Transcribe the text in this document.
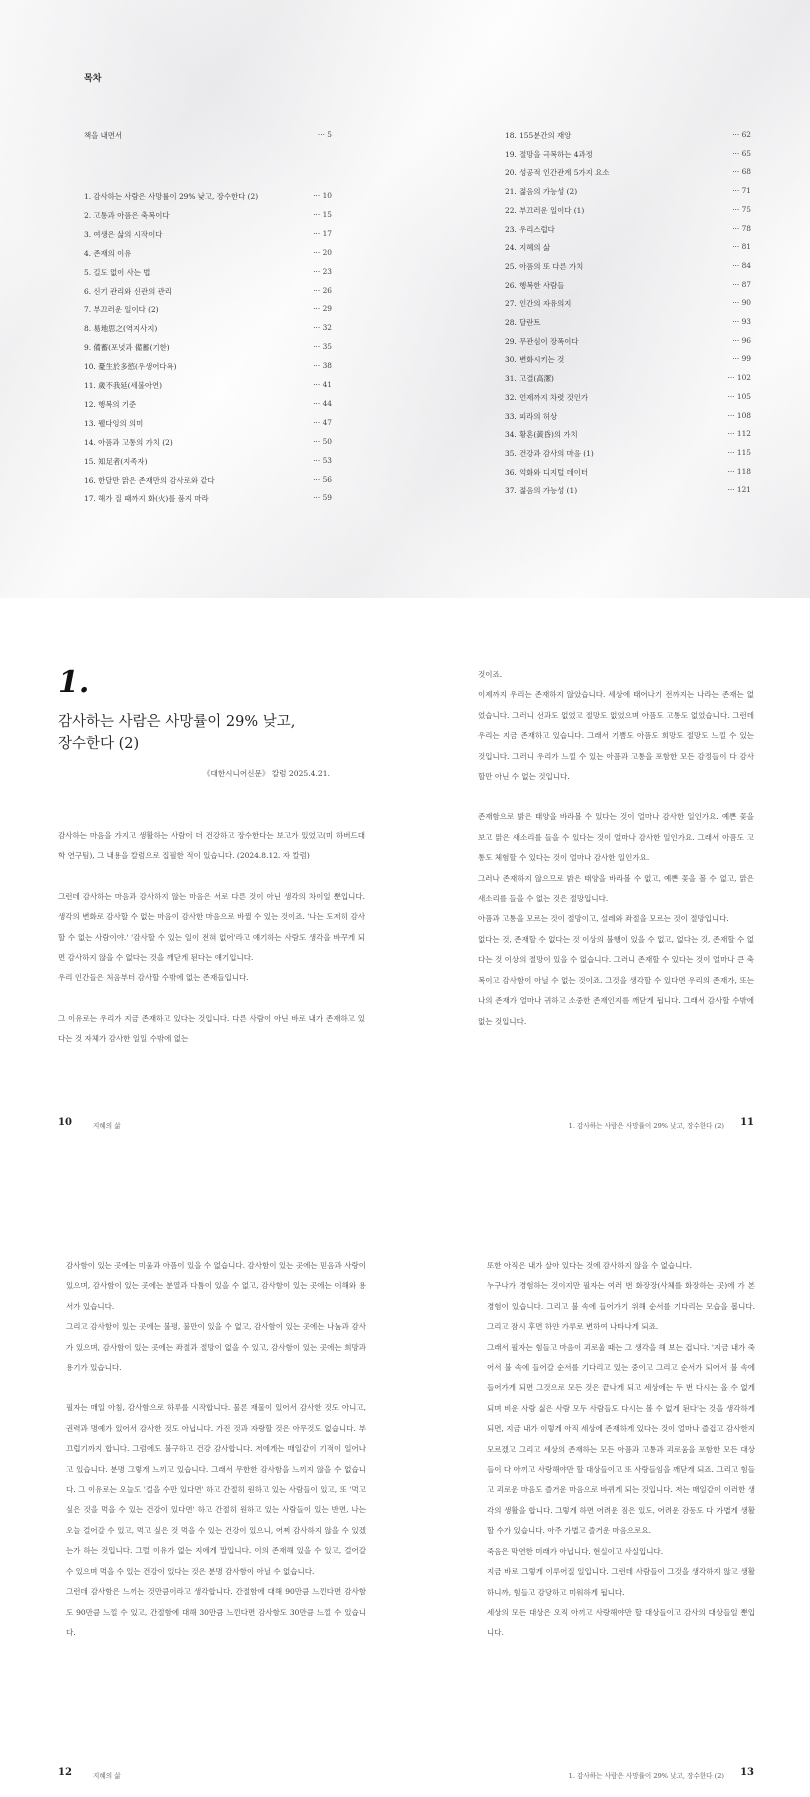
목차
책을 내면서	··· 5
1. 감사하는 사람은 사망률이 29% 낮고, 장수한다 (2)	··· 10
2. 고통과 아픔은 축복이다	··· 15
3. 여생은 삶의 시작이다	··· 17
4. 존재의 이유	··· 20
5. 길도 없이 사는 법	··· 23
6. 신기 관리와 신관의 관리	··· 26
7. 부끄러운 일이다 (2)	··· 29
8. 易地思之(역지사지)	··· 32
9. 備蓄(포넛과 備蓄(기한)	··· 35
10. 憂生於多慾(우생어다욕)	··· 38
11. 歲不我延(세불아연)	··· 41
12. 행복의 기준	··· 44
13. 웰다잉의 의미	··· 47
14. 아픔과 고통의 가치 (2)	··· 50
15. 知足者(지족자)	··· 53
16. 한달만 맑은 존재만의 감사로와 같다	··· 56
17. 해가 질 때까지 화(火)를 품지 마라	··· 59
18. 155분간의 재앙	··· 62
19. 절망을 극복하는 4과정	··· 65
20. 성공적 인간관계 5가지 요소	··· 68
21. 젊음의 가능성 (2)	··· 71
22. 부끄러운 일이다 (1)	··· 75
23. 우리스럽다	··· 78
24. 지혜의 삶	··· 81
25. 아픔의 또 다른 가치	··· 84
26. 행복한 사람들	··· 87
27. 인간의 자유의지	··· 90
28. 달란트	··· 93
29. 무관심이 장폭이다	··· 96
30. 변화시키는 것	··· 99
31. 고결(高潔)	··· 102
32. 언제까지 차렷 것인가	··· 105
33. 피라의 허상	··· 108
34. 황혼(黃昏)의 가치	··· 112
35. 건강과 감사의 마음 (1)	··· 115
36. 억화와 디지털 데이터	··· 118
37. 젊음의 가능성 (1)	··· 121
1.
감사하는 사람은 사망률이 29% 낮고,
장수한다 (2)
《대한시니어신문》 칼럼 2025.4.21.

감사하는 마음을 가지고 생활하는 사람이 더 건강하고 장수한다는 보고가 있었고(미 하버드대학 연구팀), 그 내용을 칼럼으로 집필한 적이 있습니다. (2024.8.12. 자 칼럼)

그런데 감사하는 마음과 감사하지 않는 마음은 서로 다른 것이 아닌 생각의 차이일 뿐입니다. 생각의 변화로 감사할 수 없는 마음이 감사한 마음으로 바뀔 수 있는 것이죠. '나는 도저히 감사할 수 없는 사람이야.' '감사할 수 있는 일이 전혀 없어'라고 얘기하는 사람도 생각을 바꾸게 되면 감사하지 않을 수 없다는 것을 깨닫게 된다는 얘기입니다.

우리 인간들은 처음부터 감사할 수밖에 없는 존재들입니다.

그 이유로는 우리가 지금 존재하고 있다는 것입니다. 다른 사람이 아닌 바로 내가 존재하고 있다는 것 자체가 감사한 일일 수밖에 없는

것이죠.

이제까지 우리는 존재하지 않았습니다. 세상에 태어나기 전까지는 나라는 존재는 없었습니다. 그러니 선과도 없었고 절망도 없었으며 아픔도 고통도 없었습니다. 그런데 우리는 지금 존재하고 있습니다. 그래서 기쁨도 아픔도 희망도 절망도 느낄 수 있는 것입니다. 그러니 우리가 느낄 수 있는 아픔과 고통을 포함한 모든 감정들이 다 감사할만 아닌 수 없는 것입니다.

존재함으로 밝은 태양을 바라볼 수 있다는 것이 얼마나 감사한 일인가요. 예쁜 꽃을 보고 맑은 새소리를 들을 수 있다는 것이 얼마나 감사한 일인가요. 그래서 아픔도 고통도 체험할 수 있다는 것이 얼마나 감사한 일인가요.

그러나 존재하지 않으므로 밝은 태양을 바라볼 수 없고, 예쁜 꽃을 볼 수 없고, 맑은 새소리를 들을 수 없는 것은 절망입니다.

아픔과 고통을 모르는 것이 절망이고, 설레와 좌절을 모르는 것이 절망입니다.

없다는 것, 존재할 수 없다는 것 이상의 불행이 있을 수 없고, 없다는 것, 존재할 수 없다는 것 이상의 절망이 있을 수 없습니다. 그러니 존재할 수 있다는 것이 얼마나 큰 축복이고 감사함이 아닐 수 없는 것이죠. 그것을 생각할 수 있다면 우리의 존재가, 또는 나의 존재가 얼마나 귀하고 소중한 존재인지를 깨닫게 됩니다. 그래서 감사할 수밖에 없는 것입니다.

10	지혜의 삶	1. 감사하는 사람은 사망률이 29% 낮고, 장수한다 (2) 11

감사함이 있는 곳에는 미움과 아픔이 있을 수 없습니다. 감사함이 있는 곳에는 믿음과 사랑이 있으며, 감사함이 있는 곳에는 분열과 다툼이 있을 수 없고, 감사함이 있는 곳에는 이해와 용서가 있습니다.

그리고 감사함이 있는 곳에는 불평, 불만이 있을 수 없고, 감사함이 있는 곳에는 나눔과 감사가 있으며, 감사함이 있는 곳에는 좌절과 절망이 없을 수 있고, 감사함이 있는 곳에는 희망과 용기가 있습니다.

필자는 매일 아침, 감사함으로 하루를 시작합니다. 물론 재물이 있어서 감사한 것도 아니고, 권력과 명예가 있어서 감사한 것도 아닙니다. 가진 것과 자랑할 것은 아무것도 없습니다. 부끄럽기까지 합니다. 그럼에도 불구하고 건강 감사합니다. 저에게는 매일같이 기적이 일어나고 있습니다. 분명 그렇게 느끼고 있습니다. 그래서 무한한 감사함을 느끼지 않을 수 없습니다. 그 이유로는 오늘도 '걸을 수만 있다면' 하고 간절히 원하고 있는 사람들이 있고, 또 '먹고 싶은 것을 먹을 수 있는 건강이 있다면' 하고 간절히 원하고 있는 사람들이 있는 반면, 나는 오늘 걸어갈 수 있고, 먹고 싶은 것 먹을 수 있는 건강이 있으니, 어찌 감사하지 않을 수 있겠는가 하는 것입니다. 그럴 이유가 없는 지에게 말입니다. 이의 존재해 있을 수 있고, 걸어갈 수 있으며 먹을 수 있는 건강이 있다는 것은 분명 감사함이 아닐 수 없습니다.

그런데 감사함은 느끼는 것만큼이라고 생각합니다. 간절함에 대해 90만큼 느낀다면 감사함도 90만큼 느낄 수 있고, 간절함에 대해 30만큼 느낀다면 감사함도 30만큼 느낄 수 있습니다.

또한 아직은 내가 살아 있다는 것에 감사하지 않을 수 없습니다.

누구나가 경험하는 것이지만 필자는 여러 번 화장장(사체를 화장하는 곳)에 가 본 경험이 있습니다. 그리고 불 속에 들어가기 위해 순서를 기다리는 모습을 봅니다. 그리고 잠시 후면 하얀 가루로 변하여 나타나게 되죠.

그래서 필자는 힘들고 마음이 괴로울 때는 그 생각을 해 보는 겁니다. '지금 내가 죽어서 불 속에 들어갈 순서를 기다리고 있는 중이고 그리고 순서가 되어서 불 속에 들어가게 되면 그것으로 모든 것은 끝나게 되고 세상에는 두 번 다시는 올 수 없게 되며 비운 사람 싫은 사람 모두 사람들도 다시는 볼 수 없게 된다'는 것을 생각하게 되면, 지금 내가 이렇게 아직 세상에 존재하게 있다는 것이 얼마나 즐겁고 감사한지 모르겠고 그리고 세상의 존재하는 모든 아픔과 고통과 괴로움을 포함한 모든 대상들이 다 아끼고 사랑해야만 할 대상들이고 또 사랑들임을 깨닫게 되죠. 그리고 힘들고 괴로운 마음도 즐거운 마음으로 바뀌게 되는 것입니다. 저는 매일같이 이러한 생각의 생활을 합니다. 그렇게 하면 어려운 짐은 있도, 어려운 감동도 다 가볍게 생활할 수가 있습니다. 아주 가볍고 즐거운 마음으로요.

죽음은 막연한 미래가 아닙니다. 현실이고 사실입니다.

지금 바로 그렇게 이루어질 일입니다. 그런데 사람들이 그것을 생각하지 않고 생활하니까, 힘들고 감당하고 미워하게 됩니다.

세상의 모든 대상은 오직 아끼고 사랑해야만 할 대상들이고 감사의 대상들일 뿐입니다.

12	지혜의 삶	1. 감사하는 사람은 사망률이 29% 낮고, 장수한다 (2) 13
